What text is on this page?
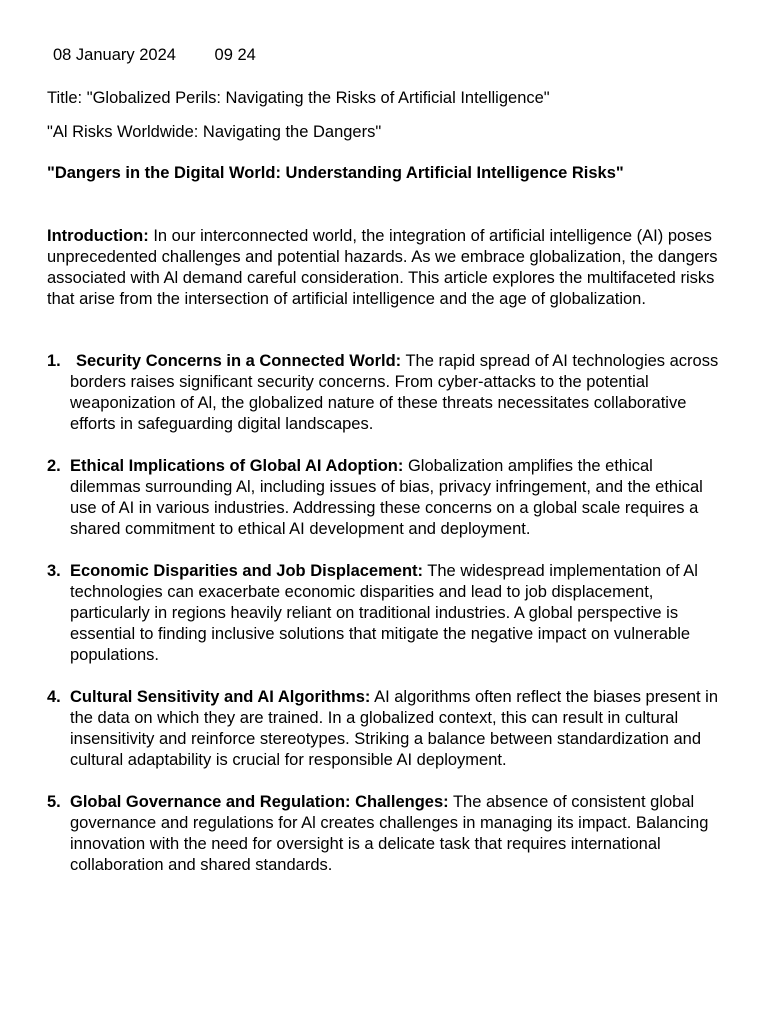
08 January 2024 09 24
Title: "Globalized Perils: Navigating the Risks of Artificial Intelligence"
"Al Risks Worldwide: Navigating the Dangers"
"Dangers in the Digital World: Understanding Artificial Intelligence Risks"

Introduction: In our interconnected world, the integration of artificial intelligence (AI) poses unprecedented challenges and potential hazards. As we embrace globalization, the dangers associated with Al demand careful consideration. This article explores the multifaceted risks that arise from the intersection of artificial intelligence and the age of globalization.

1. Security Concerns in a Connected World: The rapid spread of AI technologies across borders raises significant security concerns. From cyber-attacks to the potential weaponization of Al, the globalized nature of these threats necessitates collaborative efforts in safeguarding digital landscapes.
2. Ethical Implications of Global AI Adoption: Globalization amplifies the ethical dilemmas surrounding Al, including issues of bias, privacy infringement, and the ethical use of AI in various industries. Addressing these concerns on a global scale requires a shared commitment to ethical AI development and deployment.
3. Economic Disparities and Job Displacement: The widespread implementation of Al technologies can exacerbate economic disparities and lead to job displacement, particularly in regions heavily reliant on traditional industries. A global perspective is essential to finding inclusive solutions that mitigate the negative impact on vulnerable populations.
4. Cultural Sensitivity and AI Algorithms: AI algorithms often reflect the biases present in the data on which they are trained. In a globalized context, this can result in cultural insensitivity and reinforce stereotypes. Striking a balance between standardization and cultural adaptability is crucial for responsible AI deployment.
5. Global Governance and Regulation: Challenges: The absence of consistent global governance and regulations for Al creates challenges in managing its impact. Balancing innovation with the need for oversight is a delicate task that requires international collaboration and shared standards.
